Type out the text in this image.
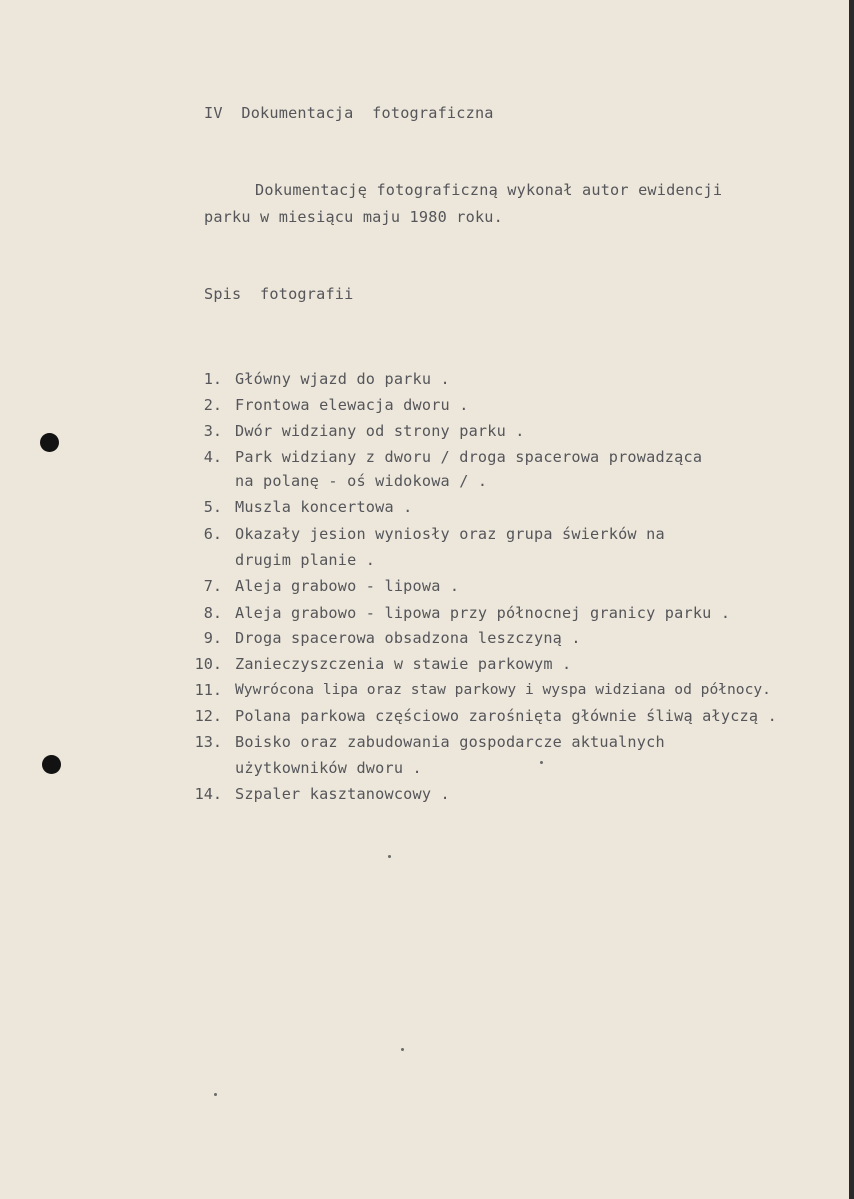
IV  Dokumentacja  fotograficzna
Dokumentację fotograficzną wykonał autor ewidencji
parku w miesiącu maju 1980 roku.
Spis  fotografii
1. Główny wjazd do parku .
2. Frontowa elewacja dworu .
3. Dwór widziany od strony parku .
4. Park widziany z dworu / droga spacerowa prowadząca
na polanę - oś widokowa / .
5. Muszla koncertowa .
6. Okazały jesion wyniosły oraz grupa świerków na
drugim planie .
7. Aleja grabowo - lipowa .
8. Aleja grabowo - lipowa przy północnej granicy parku .
9. Droga spacerowa obsadzona leszczyną .
10. Zanieczyszczenia w stawie parkowym .
11. Wywrócona lipa oraz staw parkowy i wyspa widziana od północy.
12. Polana parkowa częściowo zarośnięta głównie śliwą ałyczą .
13. Boisko oraz zabudowania gospodarcze aktualnych
użytkowników dworu .
14. Szpaler kasztanowcowy .
